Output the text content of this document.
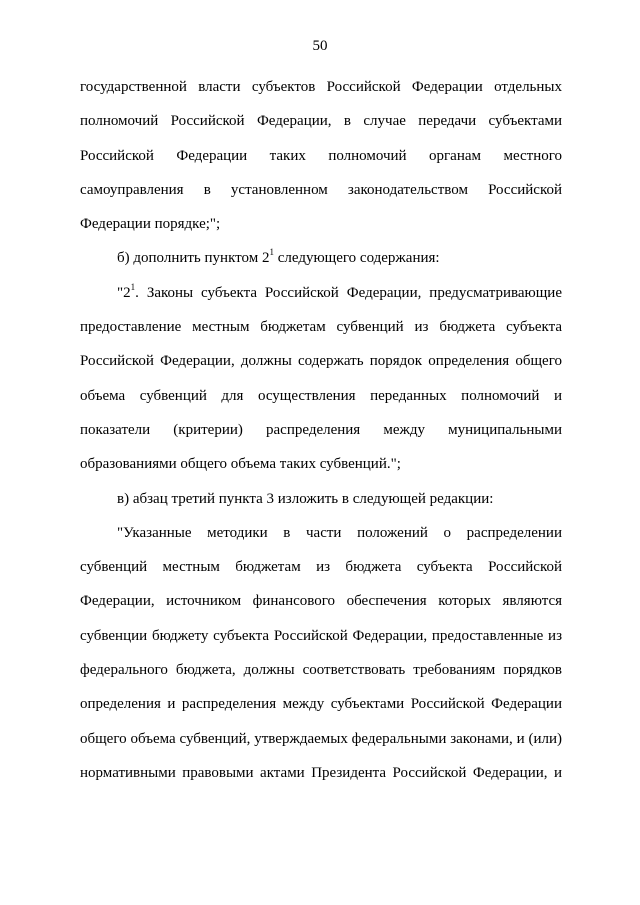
50
государственной власти субъектов Российской Федерации отдельных
полномочий Российской Федерации, в случае передачи субъектами
Российской Федерации таких полномочий органам местного
самоуправления в установленном законодательством Российской
Федерации порядке;";
б) дополнить пунктом $2^1$ следующего содержания:
"$2^1$. Законы субъекта Российской Федерации, предусматривающие
предоставление местным бюджетам субвенций из бюджета субъекта
Российской Федерации, должны содержать порядок определения общего
объема субвенций для осуществления переданных полномочий и
показатели (критерии) распределения между муниципальными
образованиями общего объема таких субвенций.";
в) абзац третий пункта 3 изложить в следующей редакции:
"Указанные методики в части положений о распределении
субвенций местным бюджетам из бюджета субъекта Российской
Федерации, источником финансового обеспечения которых являются
субвенции бюджету субъекта Российской Федерации, предоставленные из
федерального бюджета, должны соответствовать требованиям порядков
определения и распределения между субъектами Российской Федерации
общего объема субвенций, утверждаемых федеральными законами, и (или)
нормативными правовыми актами Президента Российской Федерации, и
